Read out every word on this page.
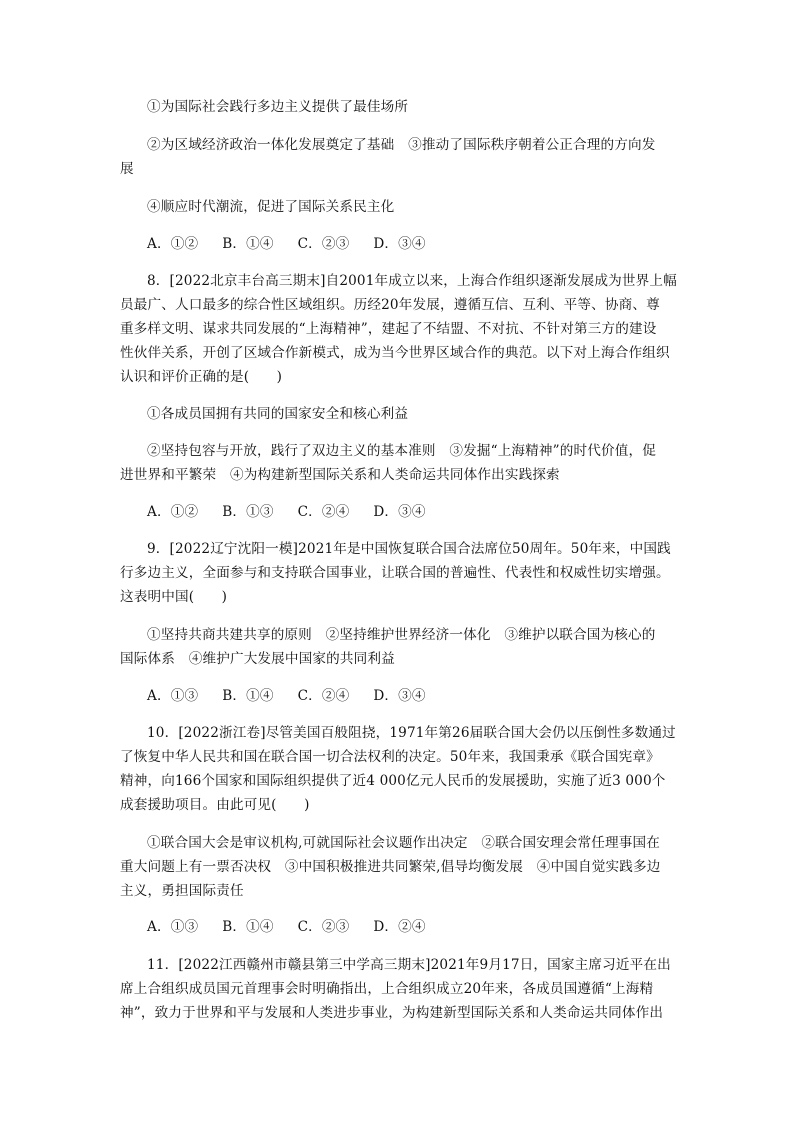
①为国际社会践行多边主义提供了最佳场所
②为区域经济政治一体化发展奠定了基础　③推动了国际秩序朝着公正合理的方向发
展
④顺应时代潮流，促进了国际关系民主化
A．①② B．①④ C．②③ D．③④
8．[2022北京丰台高三期末]自2001年成立以来，上海合作组织逐渐发展成为世界上幅
员最广、人口最多的综合性区域组织。历经20年发展，遵循互信、互利、平等、协商、尊
重多样文明、谋求共同发展的“上海精神”，建起了不结盟、不对抗、不针对第三方的建设
性伙伴关系，开创了区域合作新模式，成为当今世界区域合作的典范。以下对上海合作组织
认识和评价正确的是(　　)
①各成员国拥有共同的国家安全和核心利益
②坚持包容与开放，践行了双边主义的基本准则　③发掘“上海精神”的时代价值，促
进世界和平繁荣　④为构建新型国际关系和人类命运共同体作出实践探索
A．①② B．①③ C．②④ D．③④
9．[2022辽宁沈阳一模]2021年是中国恢复联合国合法席位50周年。50年来，中国践
行多边主义，全面参与和支持联合国事业，让联合国的普遍性、代表性和权威性切实增强。
这表明中国(　　)
①坚持共商共建共享的原则　②坚持维护世界经济一体化　③维护以联合国为核心的
国际体系　④维护广大发展中国家的共同利益
A．①③ B．①④ C．②④ D．③④
10．[2022浙江卷]尽管美国百般阻挠，1971年第26届联合国大会仍以压倒性多数通过
了恢复中华人民共和国在联合国一切合法权利的决定。50年来，我国秉承《联合国宪章》
精神，向166个国家和国际组织提供了近4 000亿元人民币的发展援助，实施了近3 000个
成套援助项目。由此可见(　　)
①联合国大会是审议机构,可就国际社会议题作出决定　②联合国安理会常任理事国在
重大问题上有一票否决权　③中国积极推进共同繁荣,倡导均衡发展　④中国自觉实践多边
主义，勇担国际责任
A．①③ B．①④ C．②③ D．②④
11．[2022江西赣州市赣县第三中学高三期末]2021年9月17日，国家主席习近平在出
席上合组织成员国元首理事会时明确指出，上合组织成立20年来，各成员国遵循“上海精
神”，致力于世界和平与发展和人类进步事业，为构建新型国际关系和人类命运共同体作出
